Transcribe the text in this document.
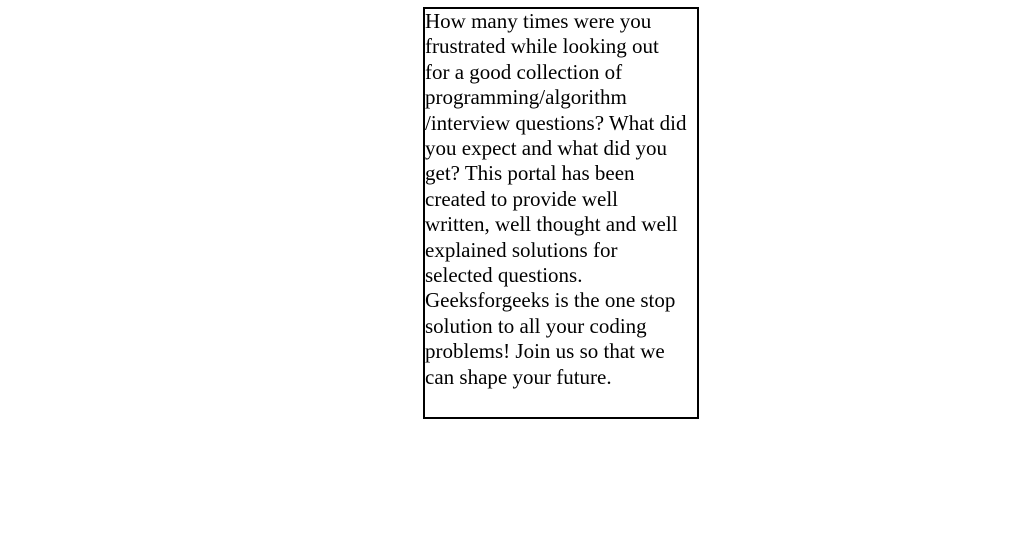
How many times were you
frustrated while looking out
for a good collection of
programming/algorithm
/interview questions? What did
you expect and what did you
get? This portal has been
created to provide well
written, well thought and well
explained solutions for
selected questions.
Geeksforgeeks is the one stop
solution to all your coding
problems! Join us so that we
can shape your future.
